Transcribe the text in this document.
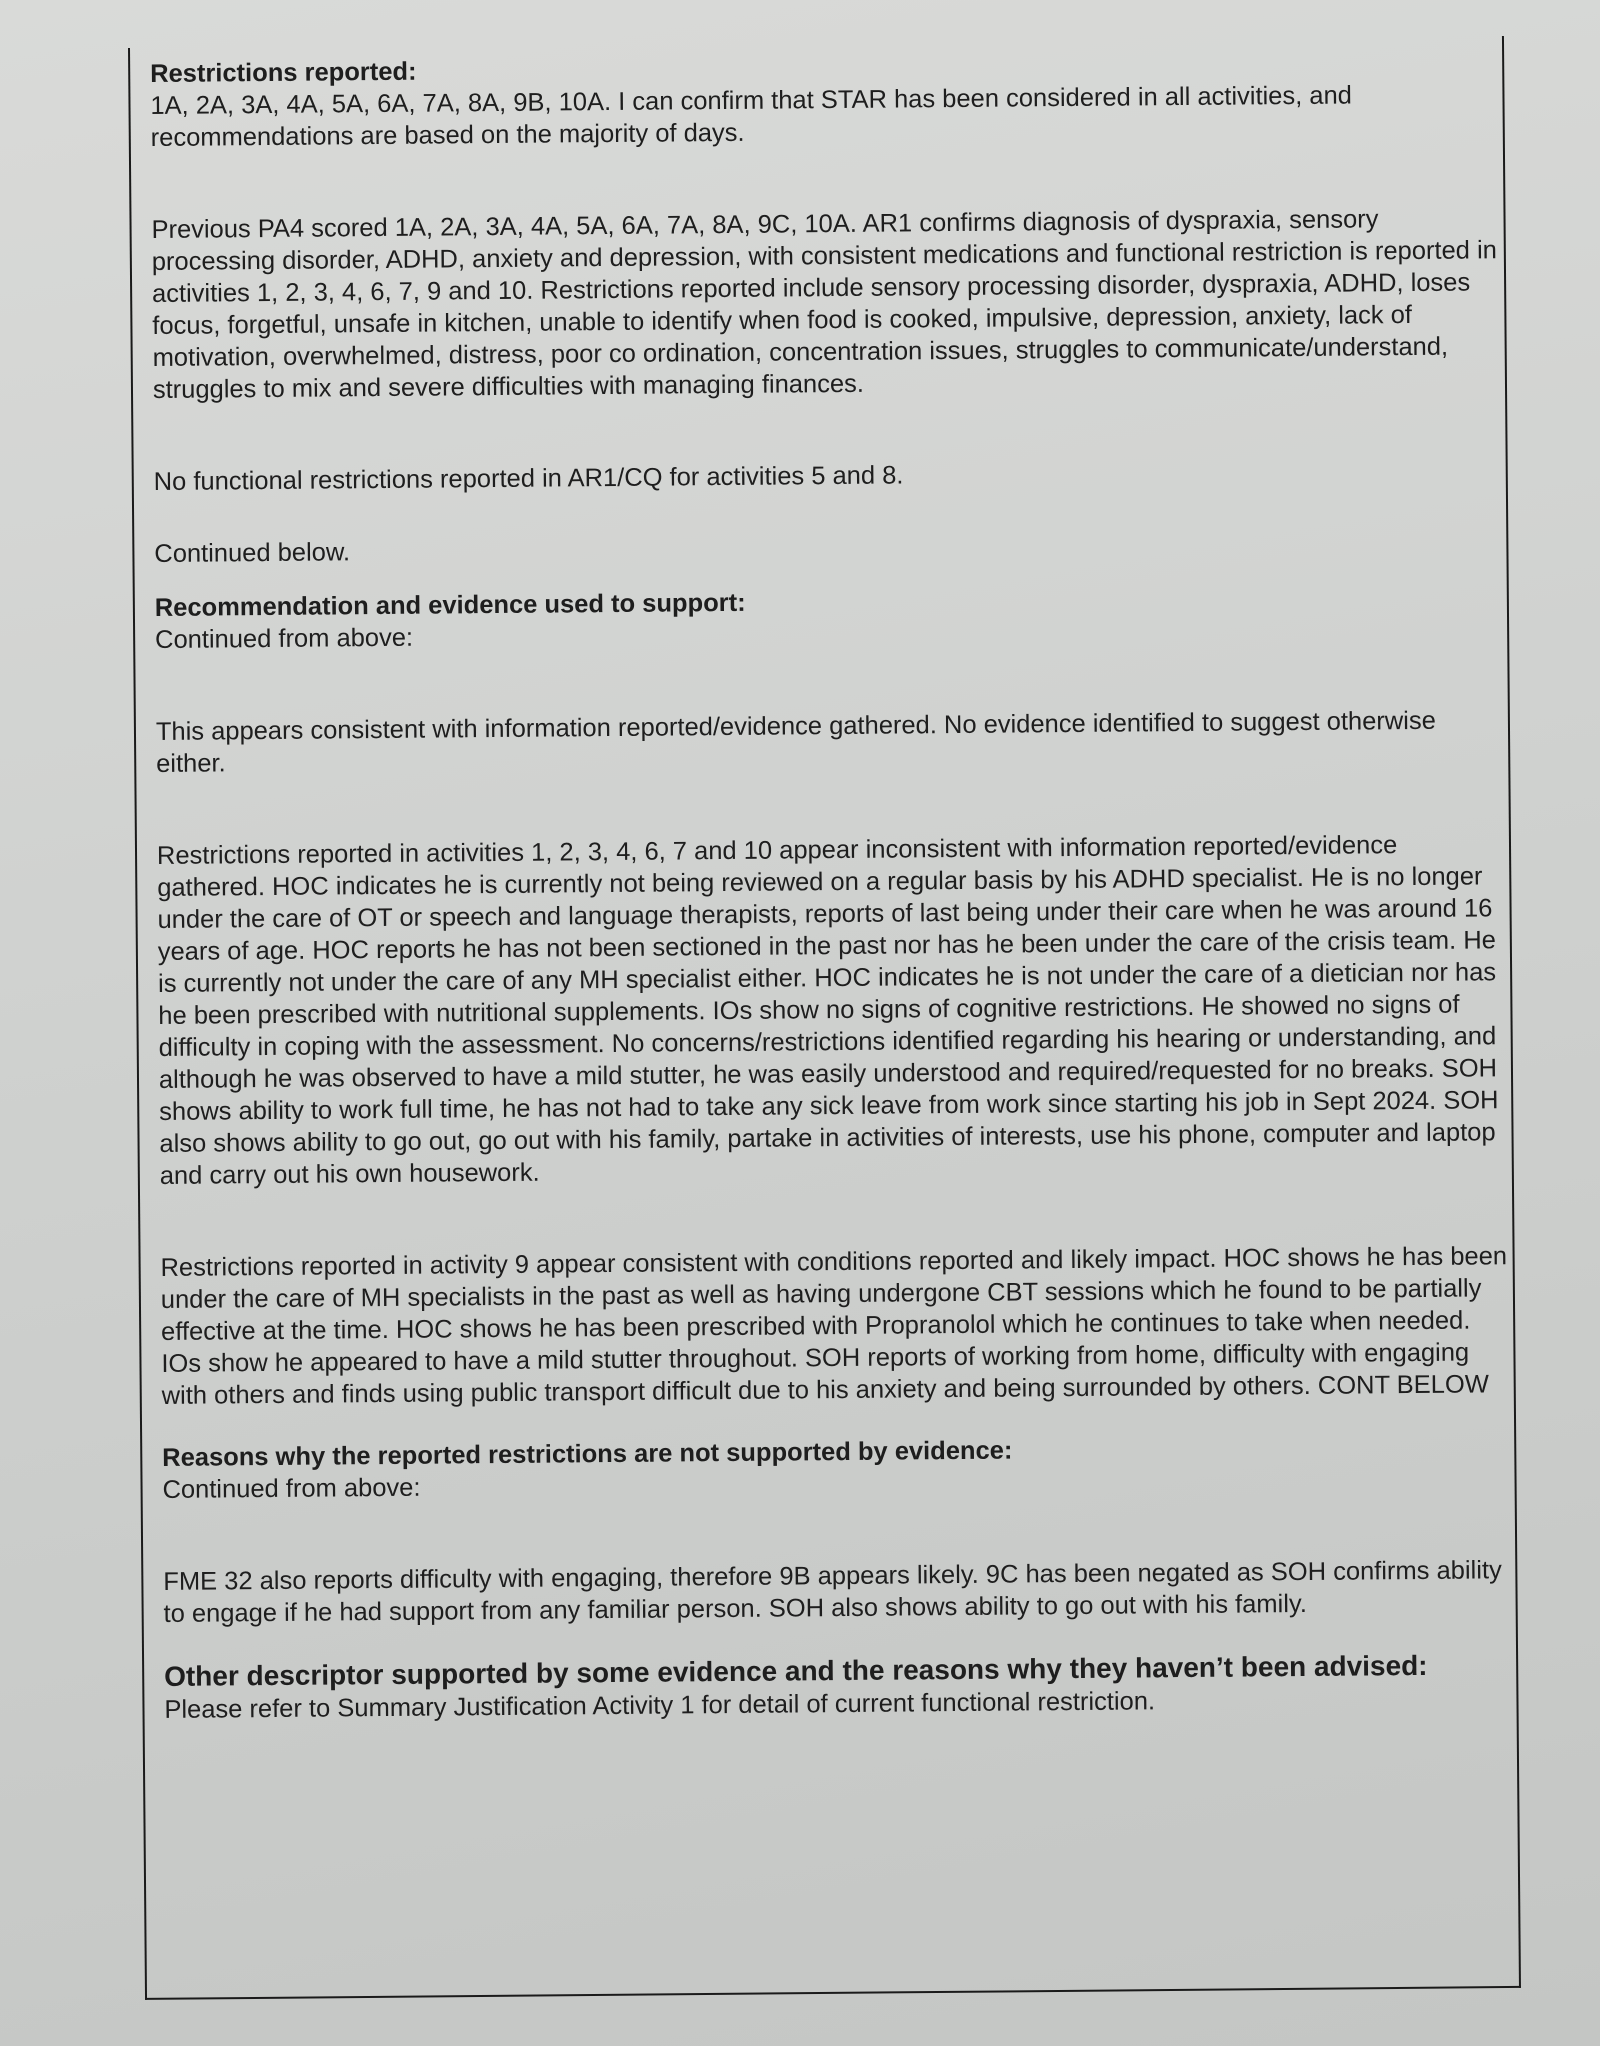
Restrictions reported:

1A, 2A, 3A, 4A, 5A, 6A, 7A, 8A, 9B, 10A. I can confirm that STAR has been considered in all activities, and recommendations are based on the majority of days.

Previous PA4 scored 1A, 2A, 3A, 4A, 5A, 6A, 7A, 8A, 9C, 10A. AR1 confirms diagnosis of dyspraxia, sensory processing disorder, ADHD, anxiety and depression, with consistent medications and functional restriction is reported in activities 1, 2, 3, 4, 6, 7, 9 and 10. Restrictions reported include sensory processing disorder, dyspraxia, ADHD, loses focus, forgetful, unsafe in kitchen, unable to identify when food is cooked, impulsive, depression, anxiety, lack of motivation, overwhelmed, distress, poor co ordination, concentration issues, struggles to communicate/understand, struggles to mix and severe difficulties with managing finances.

No functional restrictions reported in AR1/CQ for activities 5 and 8.

Continued below.

Recommendation and evidence used to support:

Continued from above:

This appears consistent with information reported/evidence gathered. No evidence identified to suggest otherwise either.

Restrictions reported in activities 1, 2, 3, 4, 6, 7 and 10 appear inconsistent with information reported/evidence gathered. HOC indicates he is currently not being reviewed on a regular basis by his ADHD specialist. He is no longer under the care of OT or speech and language therapists, reports of last being under their care when he was around 16 years of age. HOC reports he has not been sectioned in the past nor has he been under the care of the crisis team. He is currently not under the care of any MH specialist either. HOC indicates he is not under the care of a dietician nor has he been prescribed with nutritional supplements. IOs show no signs of cognitive restrictions. He showed no signs of difficulty in coping with the assessment. No concerns/restrictions identified regarding his hearing or understanding, and although he was observed to have a mild stutter, he was easily understood and required/requested for no breaks. SOH shows ability to work full time, he has not had to take any sick leave from work since starting his job in Sept 2024. SOH also shows ability to go out, go out with his family, partake in activities of interests, use his phone, computer and laptop and carry out his own housework.

Restrictions reported in activity 9 appear consistent with conditions reported and likely impact. HOC shows he has been under the care of MH specialists in the past as well as having undergone CBT sessions which he found to be partially effective at the time. HOC shows he has been prescribed with Propranolol which he continues to take when needed. IOs show he appeared to have a mild stutter throughout. SOH reports of working from home, difficulty with engaging with others and finds using public transport difficult due to his anxiety and being surrounded by others. CONT BELOW

Reasons why the reported restrictions are not supported by evidence:

Continued from above:

FME 32 also reports difficulty with engaging, therefore 9B appears likely. 9C has been negated as SOH confirms ability to engage if he had support from any familiar person. SOH also shows ability to go out with his family.

Other descriptor supported by some evidence and the reasons why they haven’t been advised:

Please refer to Summary Justification Activity 1 for detail of current functional restriction.
